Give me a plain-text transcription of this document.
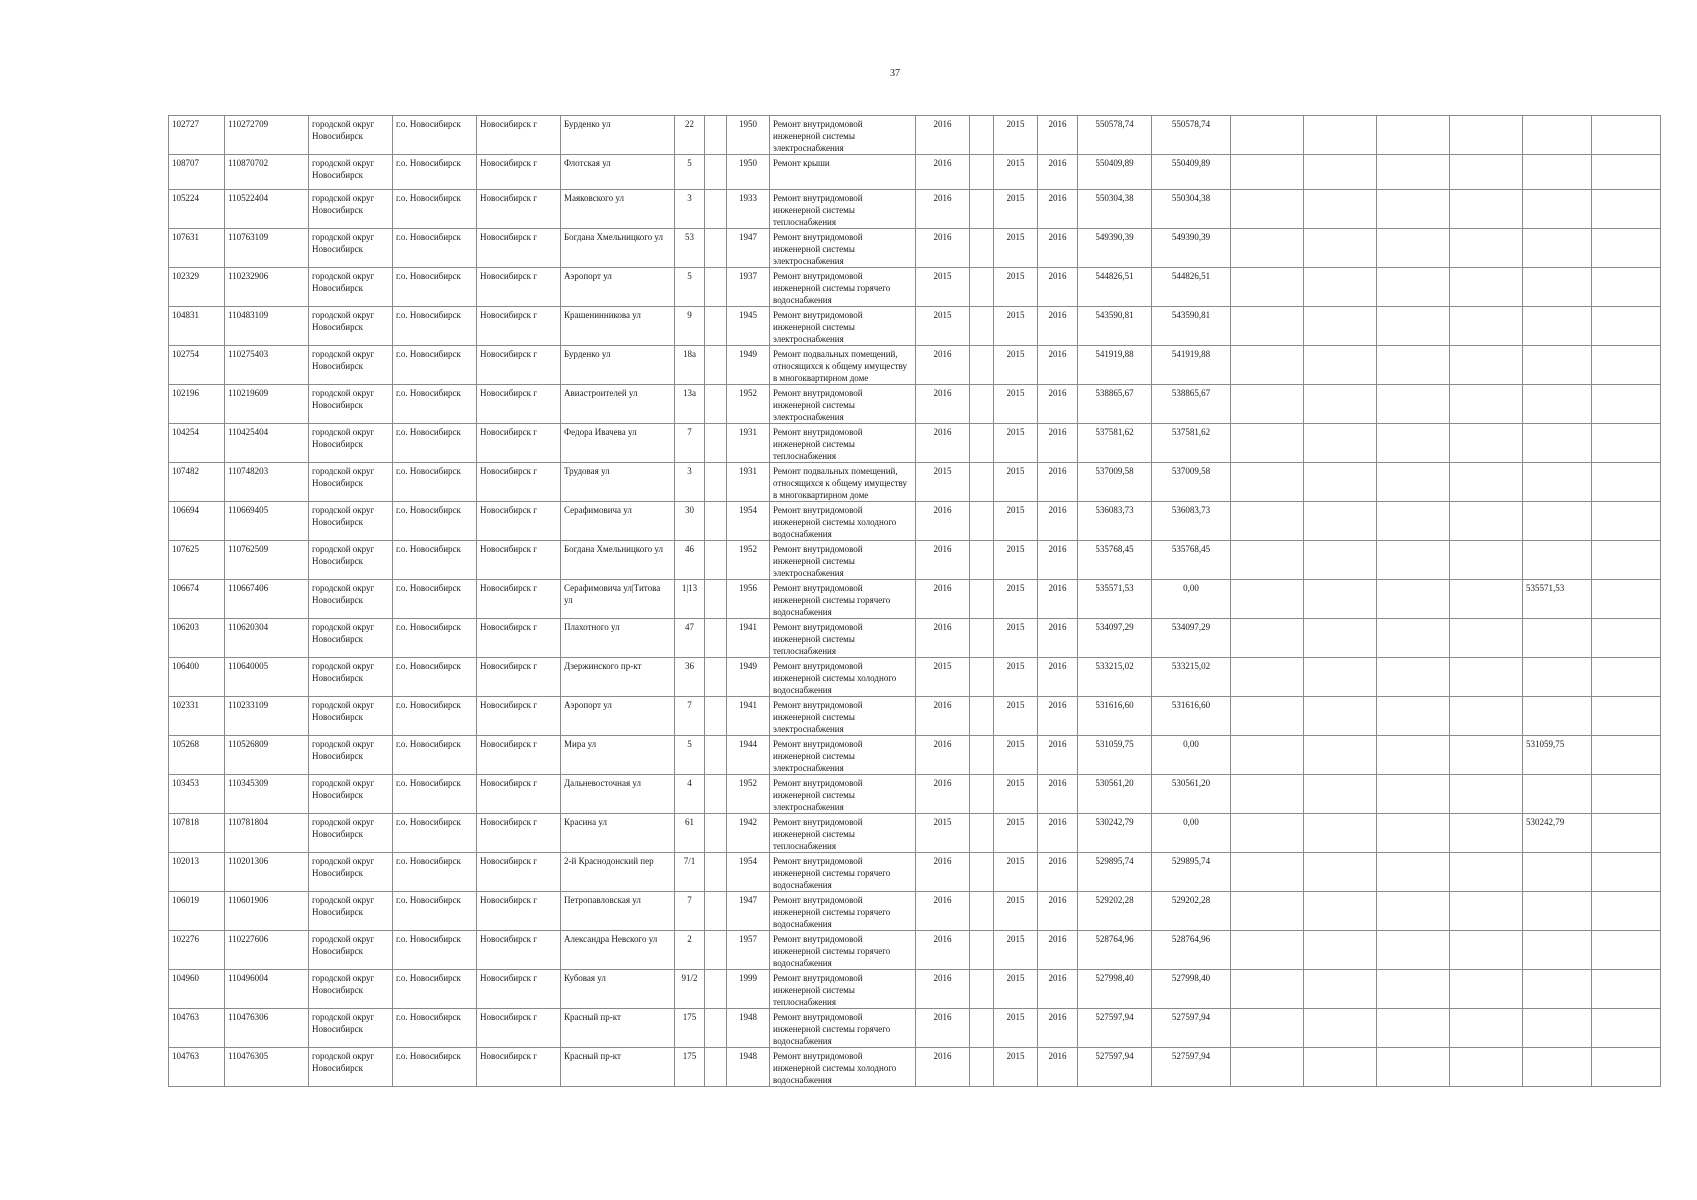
37
102727	110272709	городской округ Новосибирск	г.о. Новосибирск	Новосибирск г	Бурденко ул	22		1950	Ремонт внутридомовой инженерной системы электроснабжения	2016		2015	2016	550578,74	550578,74						
108707	110870702	городской округ Новосибирск	г.о. Новосибирск	Новосибирск г	Флотская ул	5		1950	Ремонт крыши	2016		2015	2016	550409,89	550409,89						
105224	110522404	городской округ Новосибирск	г.о. Новосибирск	Новосибирск г	Маяковского ул	3		1933	Ремонт внутридомовой инженерной системы теплоснабжения	2016		2015	2016	550304,38	550304,38						
107631	110763109	городской округ Новосибирск	г.о. Новосибирск	Новосибирск г	Богдана Хмельницкого ул	53		1947	Ремонт внутридомовой инженерной системы электроснабжения	2016		2015	2016	549390,39	549390,39						
102329	110232906	городской округ Новосибирск	г.о. Новосибирск	Новосибирск г	Аэропорт ул	5		1937	Ремонт внутридомовой инженерной системы горячего водоснабжения	2015		2015	2016	544826,51	544826,51						
104831	110483109	городской округ Новосибирск	г.о. Новосибирск	Новосибирск г	Крашенинникова ул	9		1945	Ремонт внутридомовой инженерной системы электроснабжения	2015		2015	2016	543590,81	543590,81						
102754	110275403	городской округ Новосибирск	г.о. Новосибирск	Новосибирск г	Бурденко ул	18а		1949	Ремонт подвальных помещений, относящихся к общему имуществу в многоквартирном доме	2016		2015	2016	541919,88	541919,88						
102196	110219609	городской округ Новосибирск	г.о. Новосибирск	Новосибирск г	Авиастроителей ул	13а		1952	Ремонт внутридомовой инженерной системы электроснабжения	2016		2015	2016	538865,67	538865,67						
104254	110425404	городской округ Новосибирск	г.о. Новосибирск	Новосибирск г	Федора Ивачева ул	7		1931	Ремонт внутридомовой инженерной системы теплоснабжения	2016		2015	2016	537581,62	537581,62						
107482	110748203	городской округ Новосибирск	г.о. Новосибирск	Новосибирск г	Трудовая ул	3		1931	Ремонт подвальных помещений, относящихся к общему имуществу в многоквартирном доме	2015		2015	2016	537009,58	537009,58						
106694	110669405	городской округ Новосибирск	г.о. Новосибирск	Новосибирск г	Серафимовича ул	30		1954	Ремонт внутридомовой инженерной системы холодного водоснабжения	2016		2015	2016	536083,73	536083,73						
107625	110762509	городской округ Новосибирск	г.о. Новосибирск	Новосибирск г	Богдана Хмельницкого ул	46		1952	Ремонт внутридомовой инженерной системы электроснабжения	2016		2015	2016	535768,45	535768,45						
106674	110667406	городской округ Новосибирск	г.о. Новосибирск	Новосибирск г	Серафимовича ул|Титова ул	1|13		1956	Ремонт внутридомовой инженерной системы горячего водоснабжения	2016		2015	2016	535571,53	0,00					535571,53	
106203	110620304	городской округ Новосибирск	г.о. Новосибирск	Новосибирск г	Плахотного ул	47		1941	Ремонт внутридомовой инженерной системы теплоснабжения	2016		2015	2016	534097,29	534097,29						
106400	110640005	городской округ Новосибирск	г.о. Новосибирск	Новосибирск г	Дзержинского пр-кт	36		1949	Ремонт внутридомовой инженерной системы холодного водоснабжения	2015		2015	2016	533215,02	533215,02						
102331	110233109	городской округ Новосибирск	г.о. Новосибирск	Новосибирск г	Аэропорт ул	7		1941	Ремонт внутридомовой инженерной системы электроснабжения	2016		2015	2016	531616,60	531616,60						
105268	110526809	городской округ Новосибирск	г.о. Новосибирск	Новосибирск г	Мира ул	5		1944	Ремонт внутридомовой инженерной системы электроснабжения	2016		2015	2016	531059,75	0,00					531059,75	
103453	110345309	городской округ Новосибирск	г.о. Новосибирск	Новосибирск г	Дальневосточная ул	4		1952	Ремонт внутридомовой инженерной системы электроснабжения	2016		2015	2016	530561,20	530561,20						
107818	110781804	городской округ Новосибирск	г.о. Новосибирск	Новосибирск г	Красина ул	61		1942	Ремонт внутридомовой инженерной системы теплоснабжения	2015		2015	2016	530242,79	0,00					530242,79	
102013	110201306	городской округ Новосибирск	г.о. Новосибирск	Новосибирск г	2-й Краснодонский пер	7/1		1954	Ремонт внутридомовой инженерной системы горячего водоснабжения	2016		2015	2016	529895,74	529895,74						
106019	110601906	городской округ Новосибирск	г.о. Новосибирск	Новосибирск г	Петропавловская ул	7		1947	Ремонт внутридомовой инженерной системы горячего водоснабжения	2016		2015	2016	529202,28	529202,28						
102276	110227606	городской округ Новосибирск	г.о. Новосибирск	Новосибирск г	Александра Невского ул	2		1957	Ремонт внутридомовой инженерной системы горячего водоснабжения	2016		2015	2016	528764,96	528764,96						
104960	110496004	городской округ Новосибирск	г.о. Новосибирск	Новосибирск г	Кубовая ул	91/2		1999	Ремонт внутридомовой инженерной системы теплоснабжения	2016		2015	2016	527998,40	527998,40						
104763	110476306	городской округ Новосибирск	г.о. Новосибирск	Новосибирск г	Красный пр-кт	175		1948	Ремонт внутридомовой инженерной системы горячего водоснабжения	2016		2015	2016	527597,94	527597,94						
104763	110476305	городской округ Новосибирск	г.о. Новосибирск	Новосибирск г	Красный пр-кт	175		1948	Ремонт внутридомовой инженерной системы холодного водоснабжения	2016		2015	2016	527597,94	527597,94						
